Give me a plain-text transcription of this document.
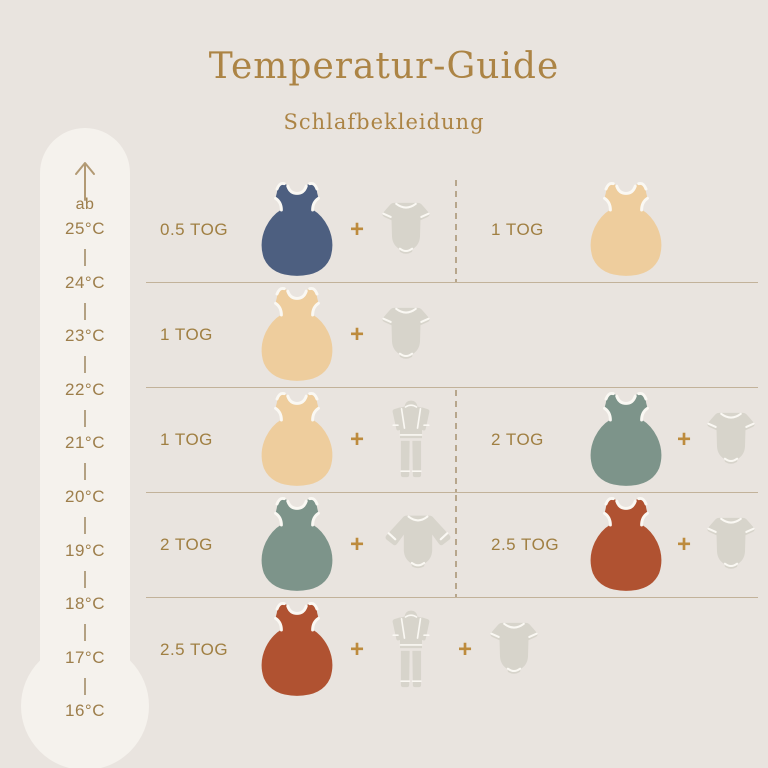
Temperatur-Guide
Schlafbekleidung
ab
25°C
24°C
23°C
22°C
21°C
20°C
19°C
18°C
17°C
16°C
0.5 TOG	+	1 TOG
1 TOG	+
1 TOG	+	2 TOG	+
2 TOG	+	2.5 TOG	+
2.5 TOG	+	+
